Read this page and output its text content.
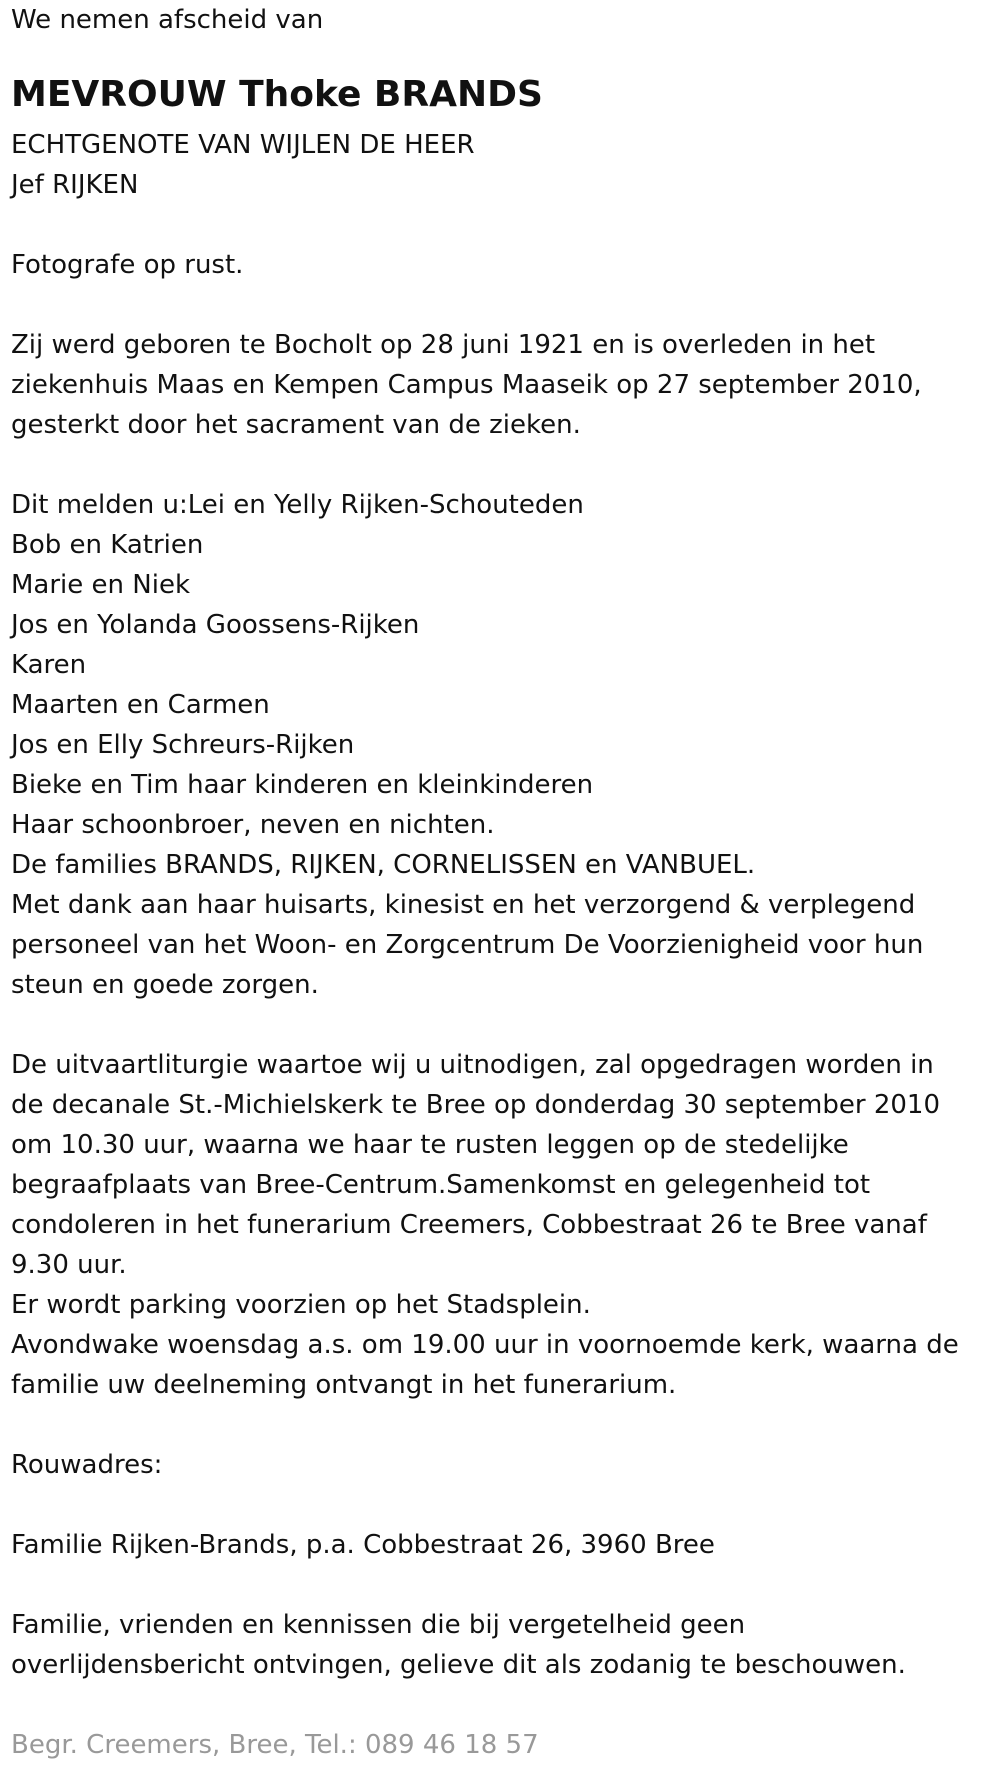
We nemen afscheid van
MEVROUW Thoke BRANDS
ECHTGENOTE VAN WIJLEN DE HEER
Jef RIJKEN
Fotografe op rust.
Zij werd geboren te Bocholt op 28 juni 1921 en is overleden in het
ziekenhuis Maas en Kempen Campus Maaseik op 27 september 2010,
gesterkt door het sacrament van de zieken.
Dit melden u:Lei en Yelly Rijken-Schouteden
Bob en Katrien
Marie en Niek
Jos en Yolanda Goossens-Rijken
Karen
Maarten en Carmen
Jos en Elly Schreurs-Rijken
Bieke en Tim haar kinderen en kleinkinderen
Haar schoonbroer, neven en nichten.
De families BRANDS, RIJKEN, CORNELISSEN en VANBUEL.
Met dank aan haar huisarts, kinesist en het verzorgend & verplegend
personeel van het Woon- en Zorgcentrum De Voorzienigheid voor hun
steun en goede zorgen.
De uitvaartliturgie waartoe wij u uitnodigen, zal opgedragen worden in
de decanale St.-Michielskerk te Bree op donderdag 30 september 2010
om 10.30 uur, waarna we haar te rusten leggen op de stedelijke
begraafplaats van Bree-Centrum.Samenkomst en gelegenheid tot
condoleren in het funerarium Creemers, Cobbestraat 26 te Bree vanaf
9.30 uur.
Er wordt parking voorzien op het Stadsplein.
Avondwake woensdag a.s. om 19.00 uur in voornoemde kerk, waarna de
familie uw deelneming ontvangt in het funerarium.
Rouwadres:
Familie Rijken-Brands, p.a. Cobbestraat 26, 3960 Bree
Familie, vrienden en kennissen die bij vergetelheid geen
overlijdensbericht ontvingen, gelieve dit als zodanig te beschouwen.
Begr. Creemers, Bree, Tel.: 089 46 18 57
